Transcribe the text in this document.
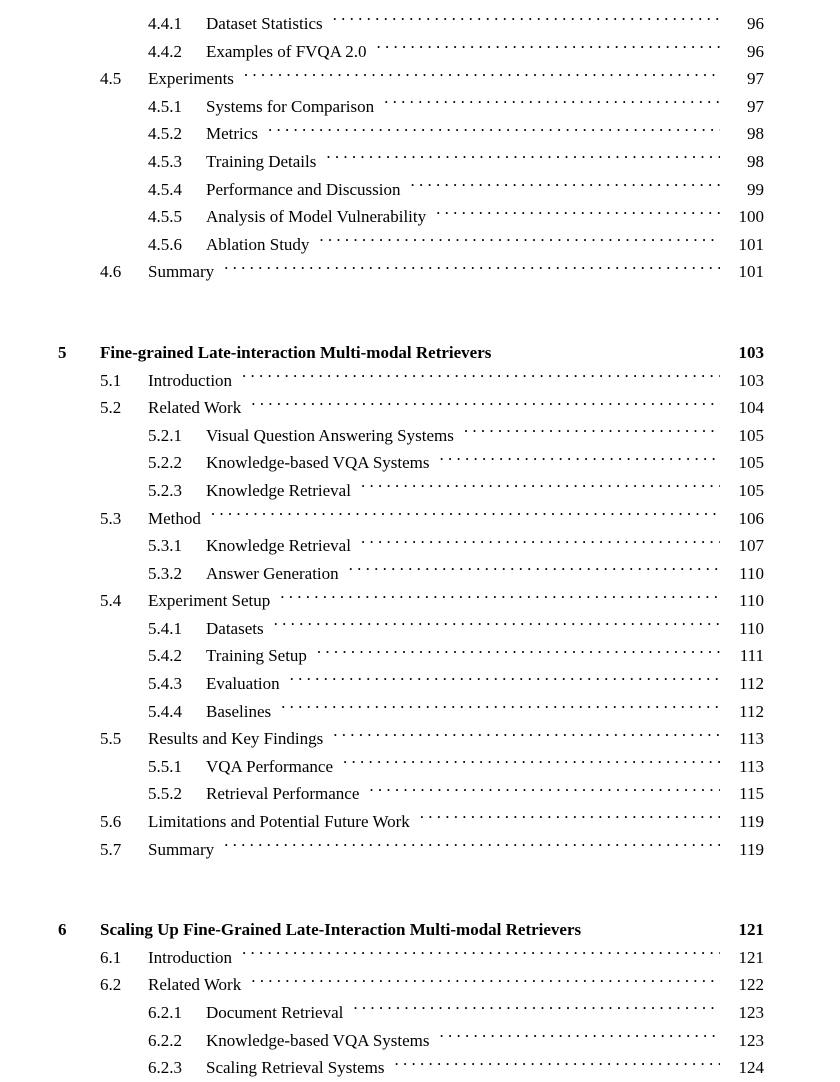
4.4.1	Dataset Statistics . . .	96
4.4.2	Examples of FVQA 2.0 . . .	96
4.5	Experiments . . .	97
4.5.1	Systems for Comparison . . .	97
4.5.2	Metrics . . .	98
4.5.3	Training Details . . .	98
4.5.4	Performance and Discussion . . .	99
4.5.5	Analysis of Model Vulnerability . . .	100
4.5.6	Ablation Study . . .	101
4.6	Summary . . .	101
5	Fine-grained Late-interaction Multi-modal Retrievers	103
5.1	Introduction . . .	103
5.2	Related Work . . .	104
5.2.1	Visual Question Answering Systems . . .	105
5.2.2	Knowledge-based VQA Systems . . .	105
5.2.3	Knowledge Retrieval . . .	105
5.3	Method . . .	106
5.3.1	Knowledge Retrieval . . .	107
5.3.2	Answer Generation . . .	110
5.4	Experiment Setup . . .	110
5.4.1	Datasets . . .	110
5.4.2	Training Setup . . .	111
5.4.3	Evaluation . . .	112
5.4.4	Baselines . . .	112
5.5	Results and Key Findings . . .	113
5.5.1	VQA Performance . . .	113
5.5.2	Retrieval Performance . . .	115
5.6	Limitations and Potential Future Work . . .	119
5.7	Summary . . .	119
6	Scaling Up Fine-Grained Late-Interaction Multi-modal Retrievers	121
6.1	Introduction . . .	121
6.2	Related Work . . .	122
6.2.1	Document Retrieval . . .	123
6.2.2	Knowledge-based VQA Systems . . .	123
6.2.3	Scaling Retrieval Systems . . .	124
